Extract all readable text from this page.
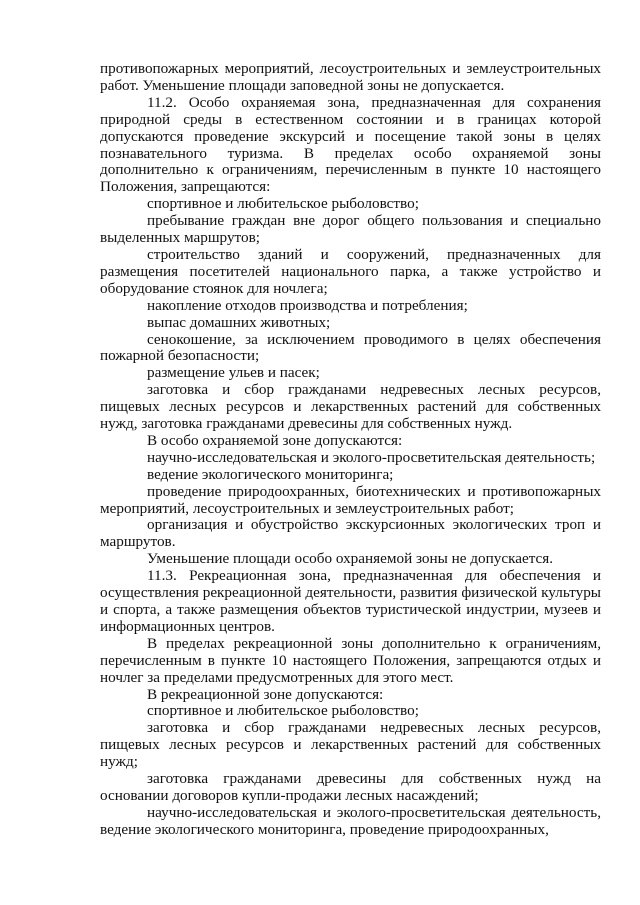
противопожарных мероприятий, лесоустроительных и землеустроительных работ. Уменьшение площади заповедной зоны не допускается.

11.2. Особо охраняемая зона, предназначенная для сохранения природной среды в естественном состоянии и в границах которой допускаются проведение экскурсий и посещение такой зоны в целях познавательного туризма. В пределах особо охраняемой зоны дополнительно к ограничениям, перечисленным в пункте 10 настоящего Положения, запрещаются:

спортивное и любительское рыболовство;

пребывание граждан вне дорог общего пользования и специально выделенных маршрутов;

строительство зданий и сооружений, предназначенных для размещения посетителей национального парка, а также устройство и оборудование стоянок для ночлега;

накопление отходов производства и потребления;

выпас домашних животных;

сенокошение, за исключением проводимого в целях обеспечения пожарной безопасности;

размещение ульев и пасек;

заготовка и сбор гражданами недревесных лесных ресурсов, пищевых лесных ресурсов и лекарственных растений для собственных нужд, заготовка гражданами древесины для собственных нужд.

В особо охраняемой зоне допускаются:

научно-исследовательская и эколого-просветительская деятельность;

ведение экологического мониторинга;

проведение природоохранных, биотехнических и противопожарных мероприятий, лесоустроительных и землеустроительных работ;

организация и обустройство экскурсионных экологических троп и маршрутов.

Уменьшение площади особо охраняемой зоны не допускается.

11.3. Рекреационная зона, предназначенная для обеспечения и осуществления рекреационной деятельности, развития физической культуры и спорта, а также размещения объектов туристической индустрии, музеев и информационных центров.

В пределах рекреационной зоны дополнительно к ограничениям, перечисленным в пункте 10 настоящего Положения, запрещаются отдых и ночлег за пределами предусмотренных для этого мест.

В рекреационной зоне допускаются:

спортивное и любительское рыболовство;

заготовка и сбор гражданами недревесных лесных ресурсов, пищевых лесных ресурсов и лекарственных растений для собственных нужд;

заготовка гражданами древесины для собственных нужд на основании договоров купли-продажи лесных насаждений;

научно-исследовательская и эколого-просветительская деятельность, ведение экологического мониторинга, проведение природоохранных,
